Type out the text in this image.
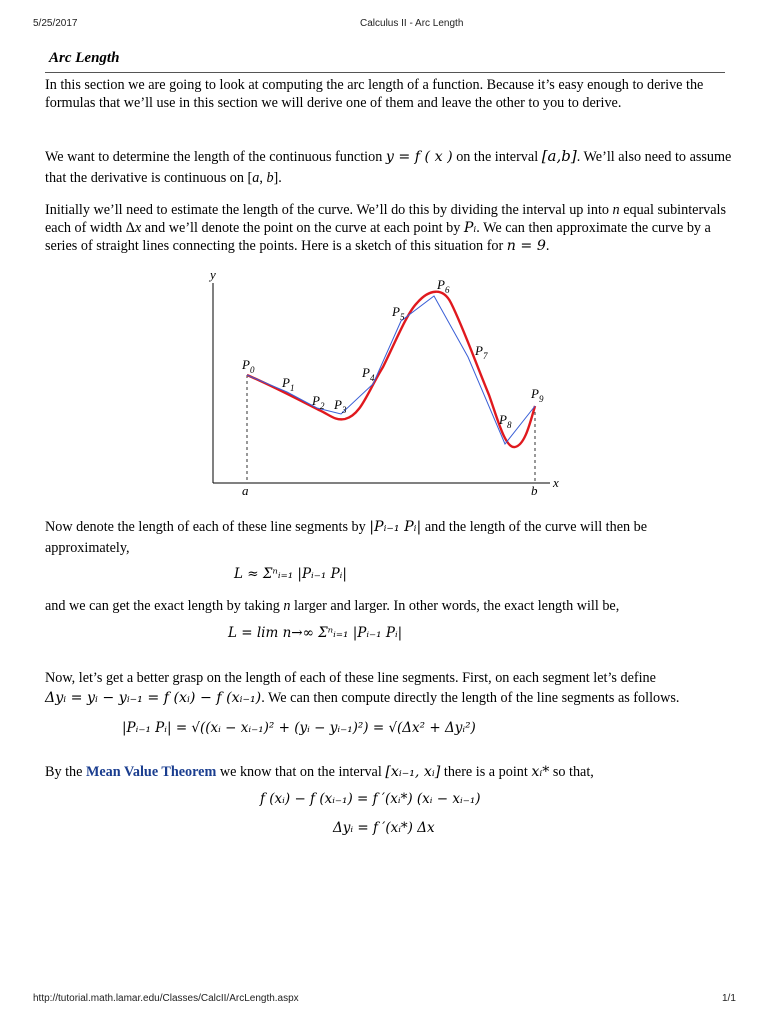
5/25/2017	Calculus II - Arc Length
Arc Length
In this section we are going to look at computing the arc length of a function. Because it’s easy enough to derive the formulas that we’ll use in this section we will derive one of them and leave the other to you to derive.
We want to determine the length of the continuous function y = f ( x ) on the interval [a,b]. We’ll also need to assume that the derivative is continuous on [a, b].
Initially we’ll need to estimate the length of the curve. We’ll do this by dividing the interval up into n equal subintervals each of width Δx and we’ll denote the point on the curve at each point by Pᵢ. We can then approximate the curve by a series of straight lines connecting the points. Here is a sketch of this situation for n = 9.
y
x
a	b
$P_0$
$P_1$
$P_2$ $P_3$
$P_4$
$P_5$
$P_6$
$P_7$
$P_8$
$P_9$
Now denote the length of each of these line segments by |Pᵢ₋₁ Pᵢ| and the length of the curve will then be approximately,
L ≈ Σⁿᵢ₌₁ |Pᵢ₋₁ Pᵢ|
and we can get the exact length by taking n larger and larger. In other words, the exact length will be,
L = lim n→∞ Σⁿᵢ₌₁ |Pᵢ₋₁ Pᵢ|
Now, let’s get a better grasp on the length of each of these line segments. First, on each segment let’s define
Δyᵢ = yᵢ − yᵢ₋₁ = f (xᵢ) − f (xᵢ₋₁). We can then compute directly the length of the line segments as follows.
|Pᵢ₋₁ Pᵢ| = √((xᵢ − xᵢ₋₁)² + (yᵢ − yᵢ₋₁)²) = √(Δx² + Δyᵢ²)
By the Mean Value Theorem we know that on the interval [xᵢ₋₁, xᵢ] there is a point xᵢ* so that,
f (xᵢ) − f (xᵢ₋₁) = f ′(xᵢ*) (xᵢ − xᵢ₋₁)
Δyᵢ = f ′(xᵢ*) Δx
http://tutorial.math.lamar.edu/Classes/CalcII/ArcLength.aspx	1/1
